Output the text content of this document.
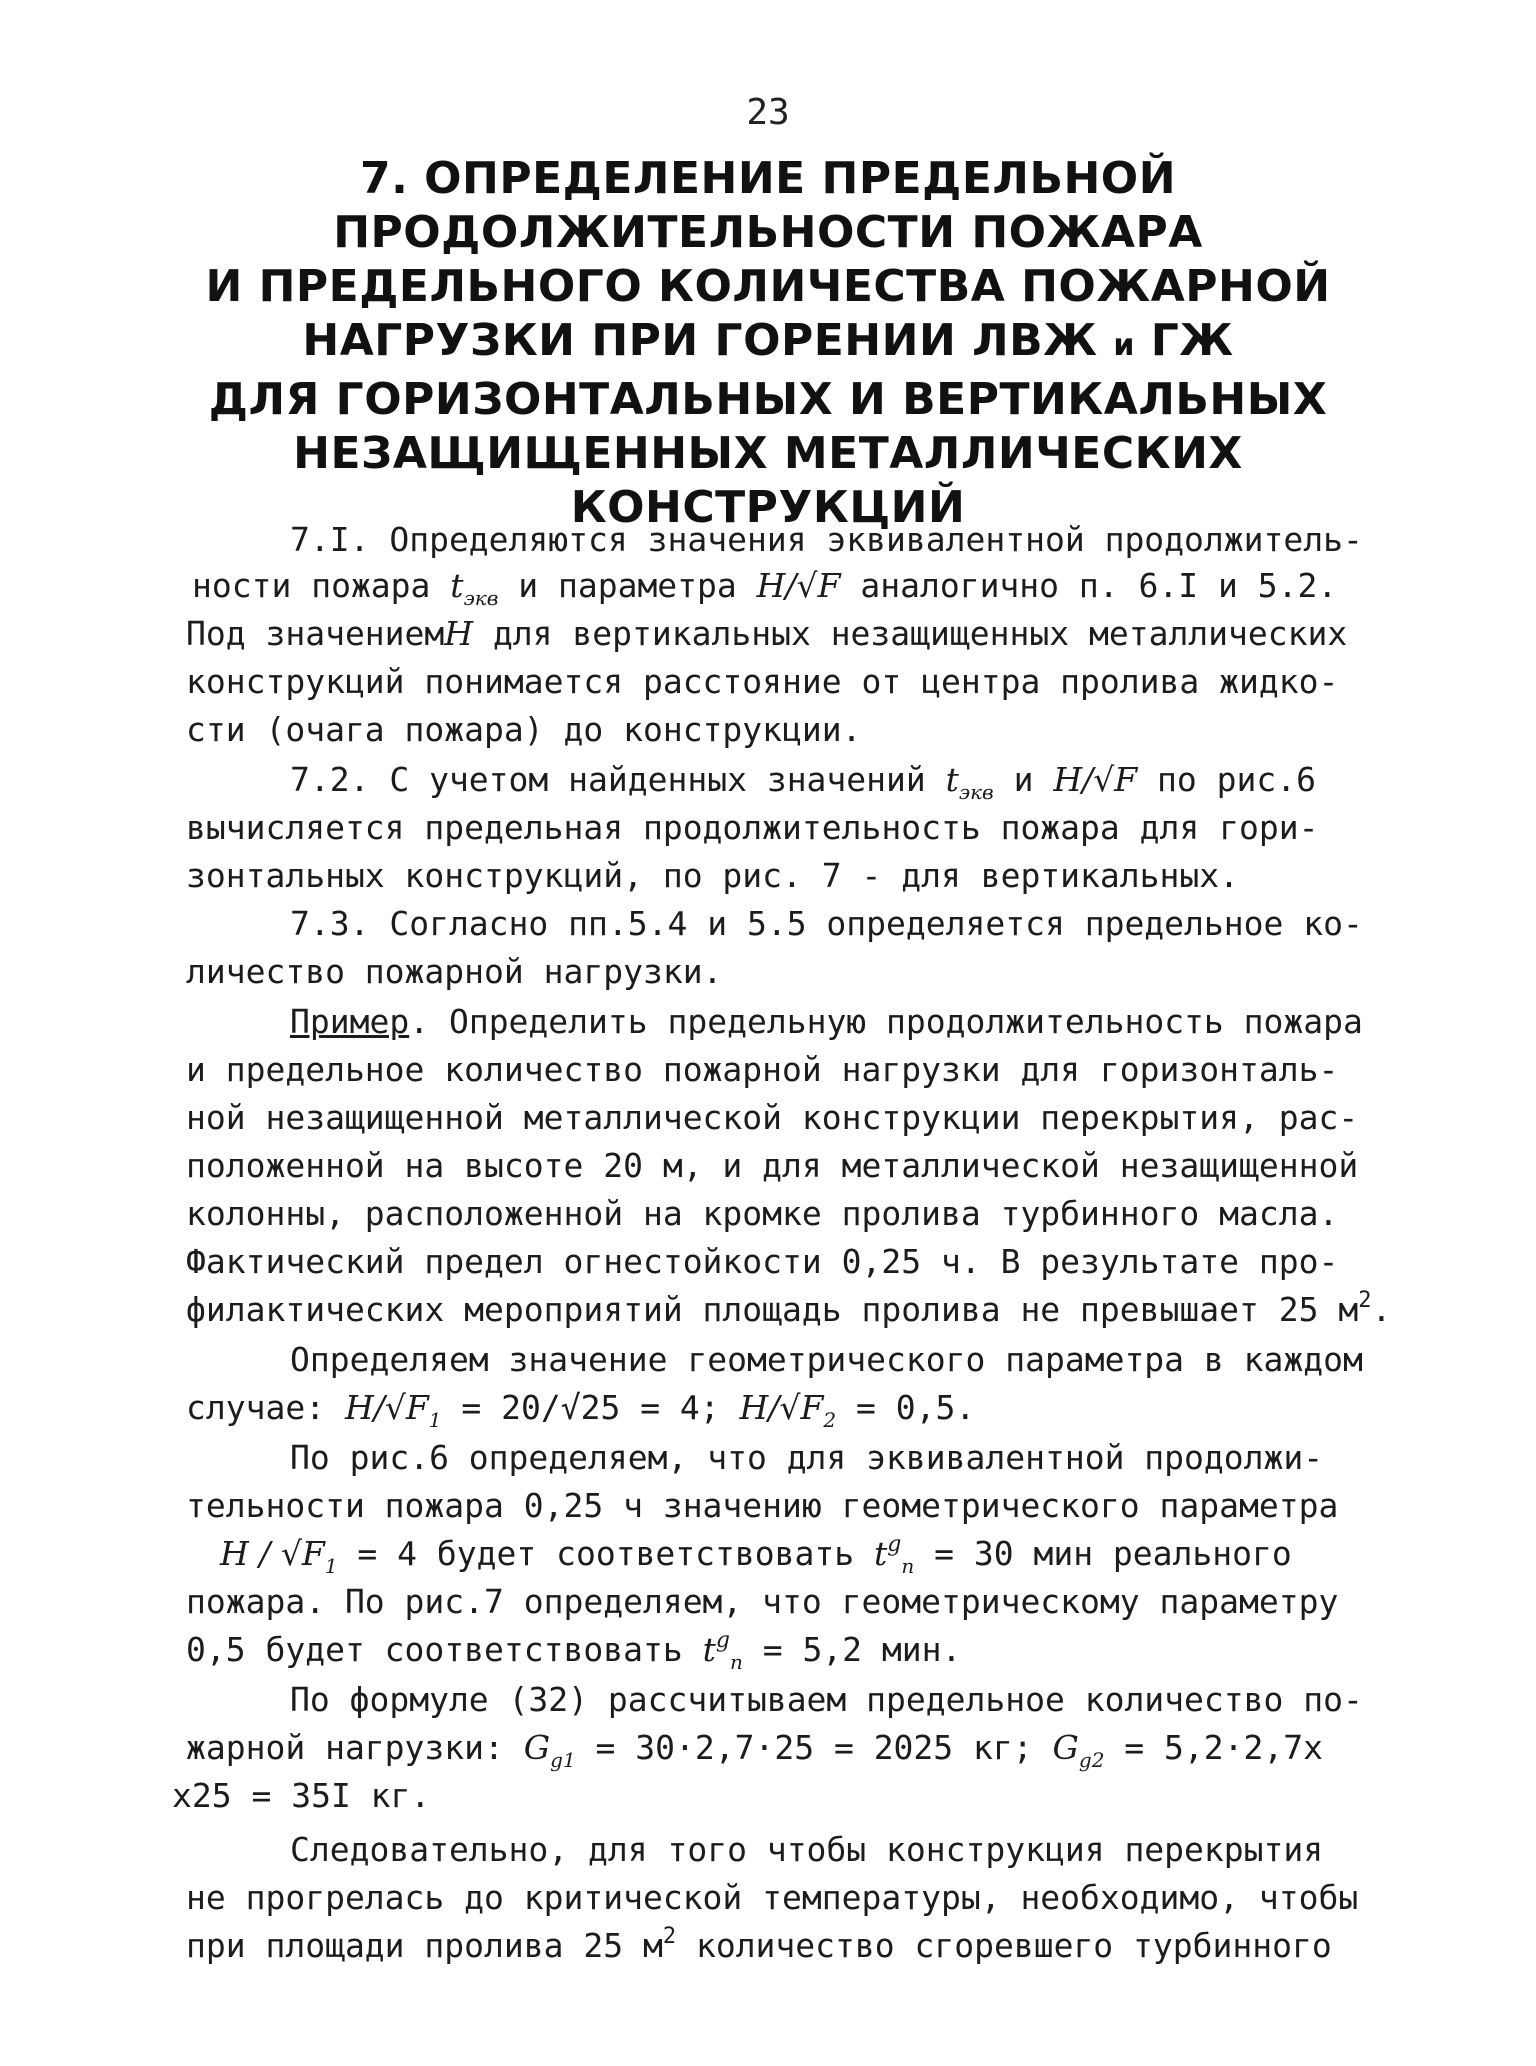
23
7. ОПРЕДЕЛЕНИЕ ПРЕДЕЛЬНОЙ
ПРОДОЛЖИТЕЛЬНОСТИ ПОЖАРА
И ПРЕДЕЛЬНОГО КОЛИЧЕСТВА ПОЖАРНОЙ
НАГРУЗКИ ПРИ ГОРЕНИИ ЛВЖ и ГЖ
ДЛЯ ГОРИЗОНТАЛЬНЫХ И ВЕРТИКАЛЬНЫХ
НЕЗАЩИЩЕННЫХ МЕТАЛЛИЧЕСКИХ
КОНСТРУКЦИЙ
7.I. Определяются значения эквивалентной продолжитель-
ности пожара $t_{экв}$ и параметра H/√F аналогично п. 6.I и 5.2.
Под значениемH для вертикальных незащищенных металлических
конструкций понимается расстояние от центра пролива жидко-
сти (очага пожара) до конструкции.
7.2. С учетом найденных значений $t_{экв}$ и H/√F по рис.6
вычисляется предельная продолжительность пожара для гори-
зонтальных конструкций, по рис. 7 - для вертикальных.
7.3. Согласно пп.5.4 и 5.5 определяется предельное ко-
личество пожарной нагрузки.
Пример. Определить предельную продолжительность пожара
и предельное количество пожарной нагрузки для горизонталь-
ной незащищенной металлической конструкции перекрытия, рас-
положенной на высоте 20 м, и для металлической незащищенной
колонны, расположенной на кромке пролива турбинного масла.
Фактический предел огнестойкости 0,25 ч. В результате про-
филактических мероприятий площадь пролива не превышает 25 $м^2$.
Определяем значение геометрического параметра в каждом
случае: $H/√F_1 = 20/√25 = 4$; $H/√F_2 = 0,5$.
По рис.6 определяем, что для эквивалентной продолжи-
тельности пожара 0,25 ч значению геометрического параметра
$H / √F_1 = 4$ будет соответствовать $t^g_п = 30$ мин реального
пожара. По рис.7 определяем, что геометрическому параметру
0,5 будет соответствовать $t^g_п = 5,2$ мин.
По формуле (32) рассчитываем предельное количество по-
жарной нагрузки: $G_{g1} = 30\cdot 2,7\cdot 25 = 2025$ кг; $G_{g2} = 5,2\cdot 2,7x$
x25 = 35I кг.
Следовательно, для того чтобы конструкция перекрытия
не прогрелась до критической температуры, необходимо, чтобы
при площади пролива 25 $м^2$ количество сгоревшего турбинного
